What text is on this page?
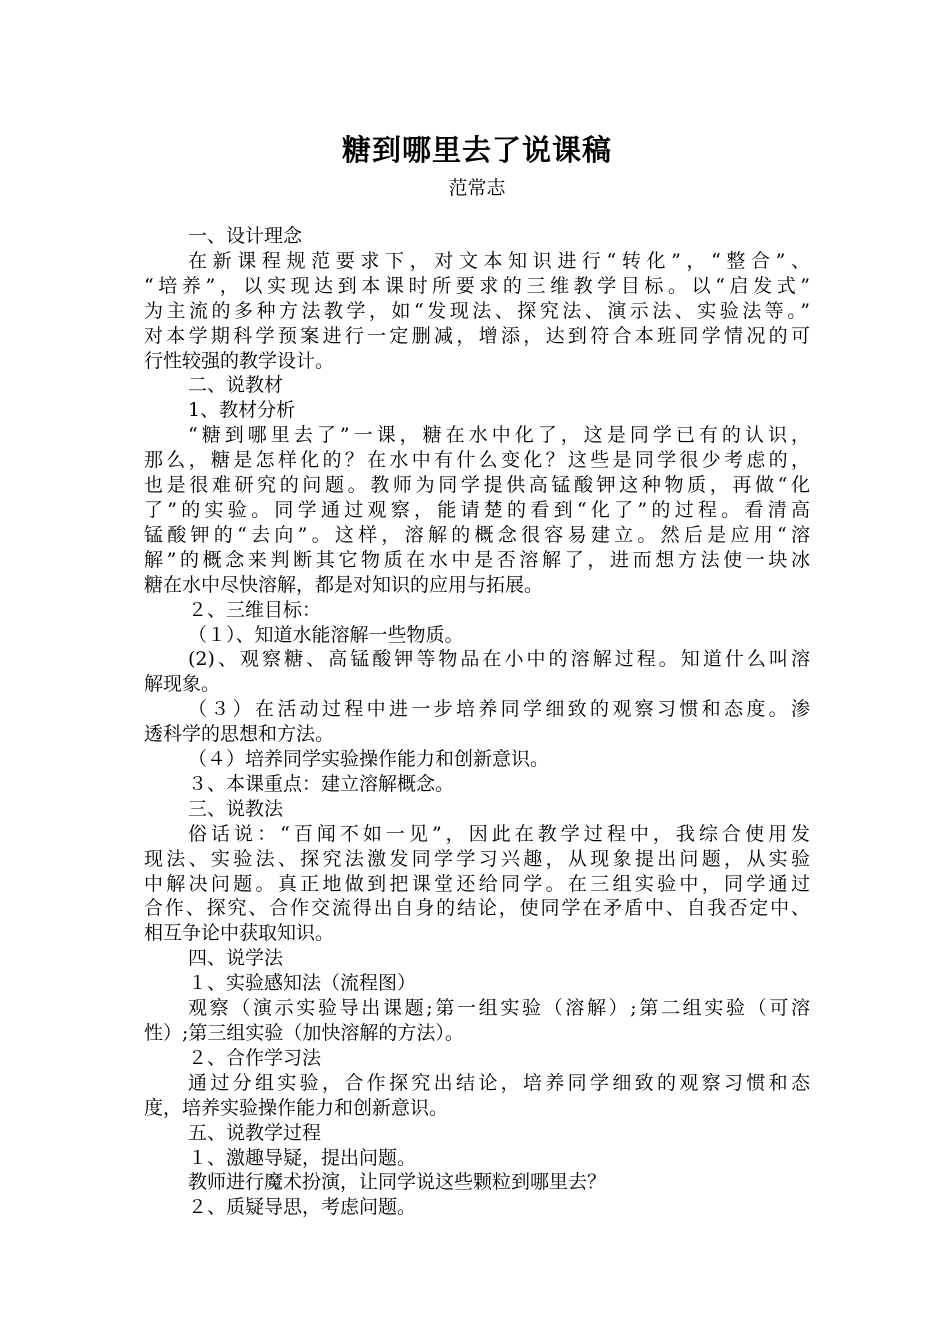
糖到哪里去了说课稿
范常志

一、设计理念

在新课程规范要求下，对文本知识进行“转化”，“整合”、

“培养”，以实现达到本课时所要求的三维教学目标。以“启发式”

为主流的多种方法教学，如“发现法、探究法、演示法、实验法等。”

对本学期科学预案进行一定删减，增添，达到符合本班同学情况的可

行性较强的教学设计。

二、说教材

1、教材分析

“糖到哪里去了”一课，糖在水中化了，这是同学已有的认识，

那么，糖是怎样化的？在水中有什么变化？这些是同学很少考虑的，

也是很难研究的问题。教师为同学提供高锰酸钾这种物质，再做“化

了”的实验。同学通过观察，能请楚的看到“化了”的过程。看清高

锰酸钾的“去向”。这样，溶解的概念很容易建立。然后是应用“溶

解”的概念来判断其它物质在水中是否溶解了，进而想方法使一块冰

糖在水中尽快溶解，都是对知识的应用与拓展。

２、三维目标：

（１）、知道水能溶解一些物质。

(2)、观察糖、高锰酸钾等物品在小中的溶解过程。知道什么叫溶

解现象。

（３）在活动过程中进一步培养同学细致的观察习惯和态度。渗

透科学的思想和方法。

（４）培养同学实验操作能力和创新意识。

３、本课重点：建立溶解概念。

三、说教法

俗话说：“百闻不如一见”，因此在教学过程中，我综合使用发

现法、实验法、探究法激发同学学习兴趣，从现象提出问题，从实验

中解决问题。真正地做到把课堂还给同学。在三组实验中，同学通过

合作、探究、合作交流得出自身的结论，使同学在矛盾中、自我否定中、

相互争论中获取知识。

四、说学法

１、实验感知法（流程图）

观察（演示实验导出课题;第一组实验（溶解）;第二组实验（可溶

性）;第三组实验（加快溶解的方法）。

２、合作学习法

通过分组实验，合作探究出结论，培养同学细致的观察习惯和态

度，培养实验操作能力和创新意识。

五、说教学过程

１、激趣导疑，提出问题。

教师进行魔术扮演，让同学说这些颗粒到哪里去？

２、质疑导思，考虑问题。
